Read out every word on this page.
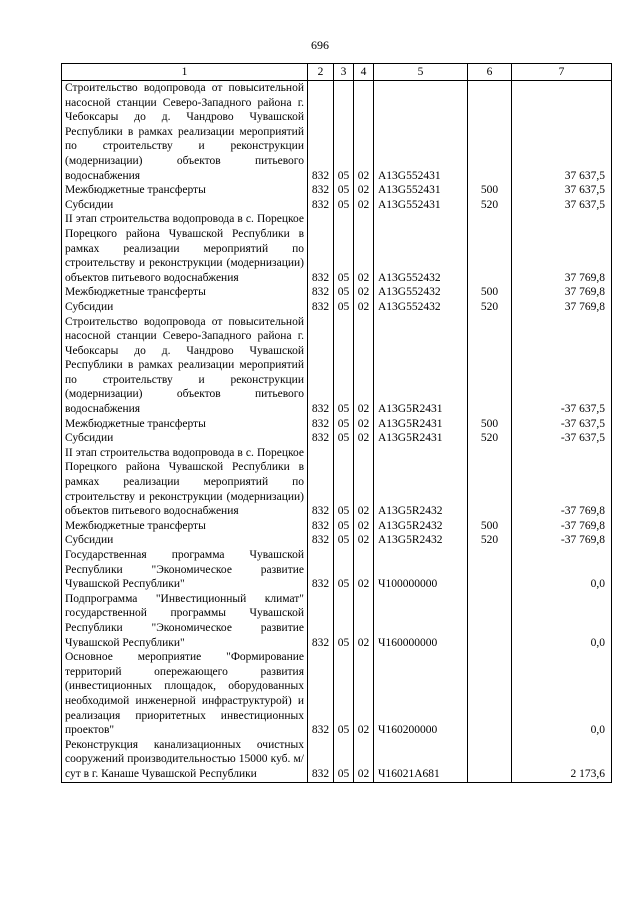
696
1	2	3	4	5	6	7
Строительство водопровода от повысительной насосной станции Северо-Западного района г. Чебоксары до д. Чандрово Чувашской Республики в рамках реализации мероприятий по строительству и реконструкции (модернизации) объектов питьевого водоснабжения	832	05	02	A13G552431		37 637,5
Межбюджетные трансферты	832	05	02	A13G552431	500	37 637,5
Субсидии	832	05	02	A13G552431	520	37 637,5
II этап строительства водопровода в с. Порецкое Порецкого района Чувашской Республики в рамках реализации мероприятий по строительству и реконструкции (модернизации) объектов питьевого водоснабжения	832	05	02	A13G552432		37 769,8
Межбюджетные трансферты	832	05	02	A13G552432	500	37 769,8
Субсидии	832	05	02	A13G552432	520	37 769,8
Строительство водопровода от повысительной насосной станции Северо-Западного района г. Чебоксары до д. Чандрово Чувашской Республики в рамках реализации мероприятий по строительству и реконструкции (модернизации) объектов питьевого водоснабжения	832	05	02	A13G5R2431		-37 637,5
Межбюджетные трансферты	832	05	02	A13G5R2431	500	-37 637,5
Субсидии	832	05	02	A13G5R2431	520	-37 637,5
II этап строительства водопровода в с. Порецкое Порецкого района Чувашской Республики в рамках реализации мероприятий по строительству и реконструкции (модернизации) объектов питьевого водоснабжения	832	05	02	A13G5R2432		-37 769,8
Межбюджетные трансферты	832	05	02	A13G5R2432	500	-37 769,8
Субсидии	832	05	02	A13G5R2432	520	-37 769,8
Государственная программа Чувашской Республики "Экономическое развитие Чувашской Республики"	832	05	02	Ч100000000		0,0
Подпрограмма "Инвестиционный климат" государственной программы Чувашской Республики "Экономическое развитие Чувашской Республики"	832	05	02	Ч160000000		0,0
Основное мероприятие "Формирование территорий опережающего развития (инвестиционных площадок, оборудованных необходимой инженерной инфраструктурой) и реализация приоритетных инвестиционных проектов"	832	05	02	Ч160200000		0,0
Реконструкция канализационных очистных сооружений производительностью 15000 куб. м/сут в г. Канаше Чувашской Республики	832	05	02	Ч16021A681		2 173,6
